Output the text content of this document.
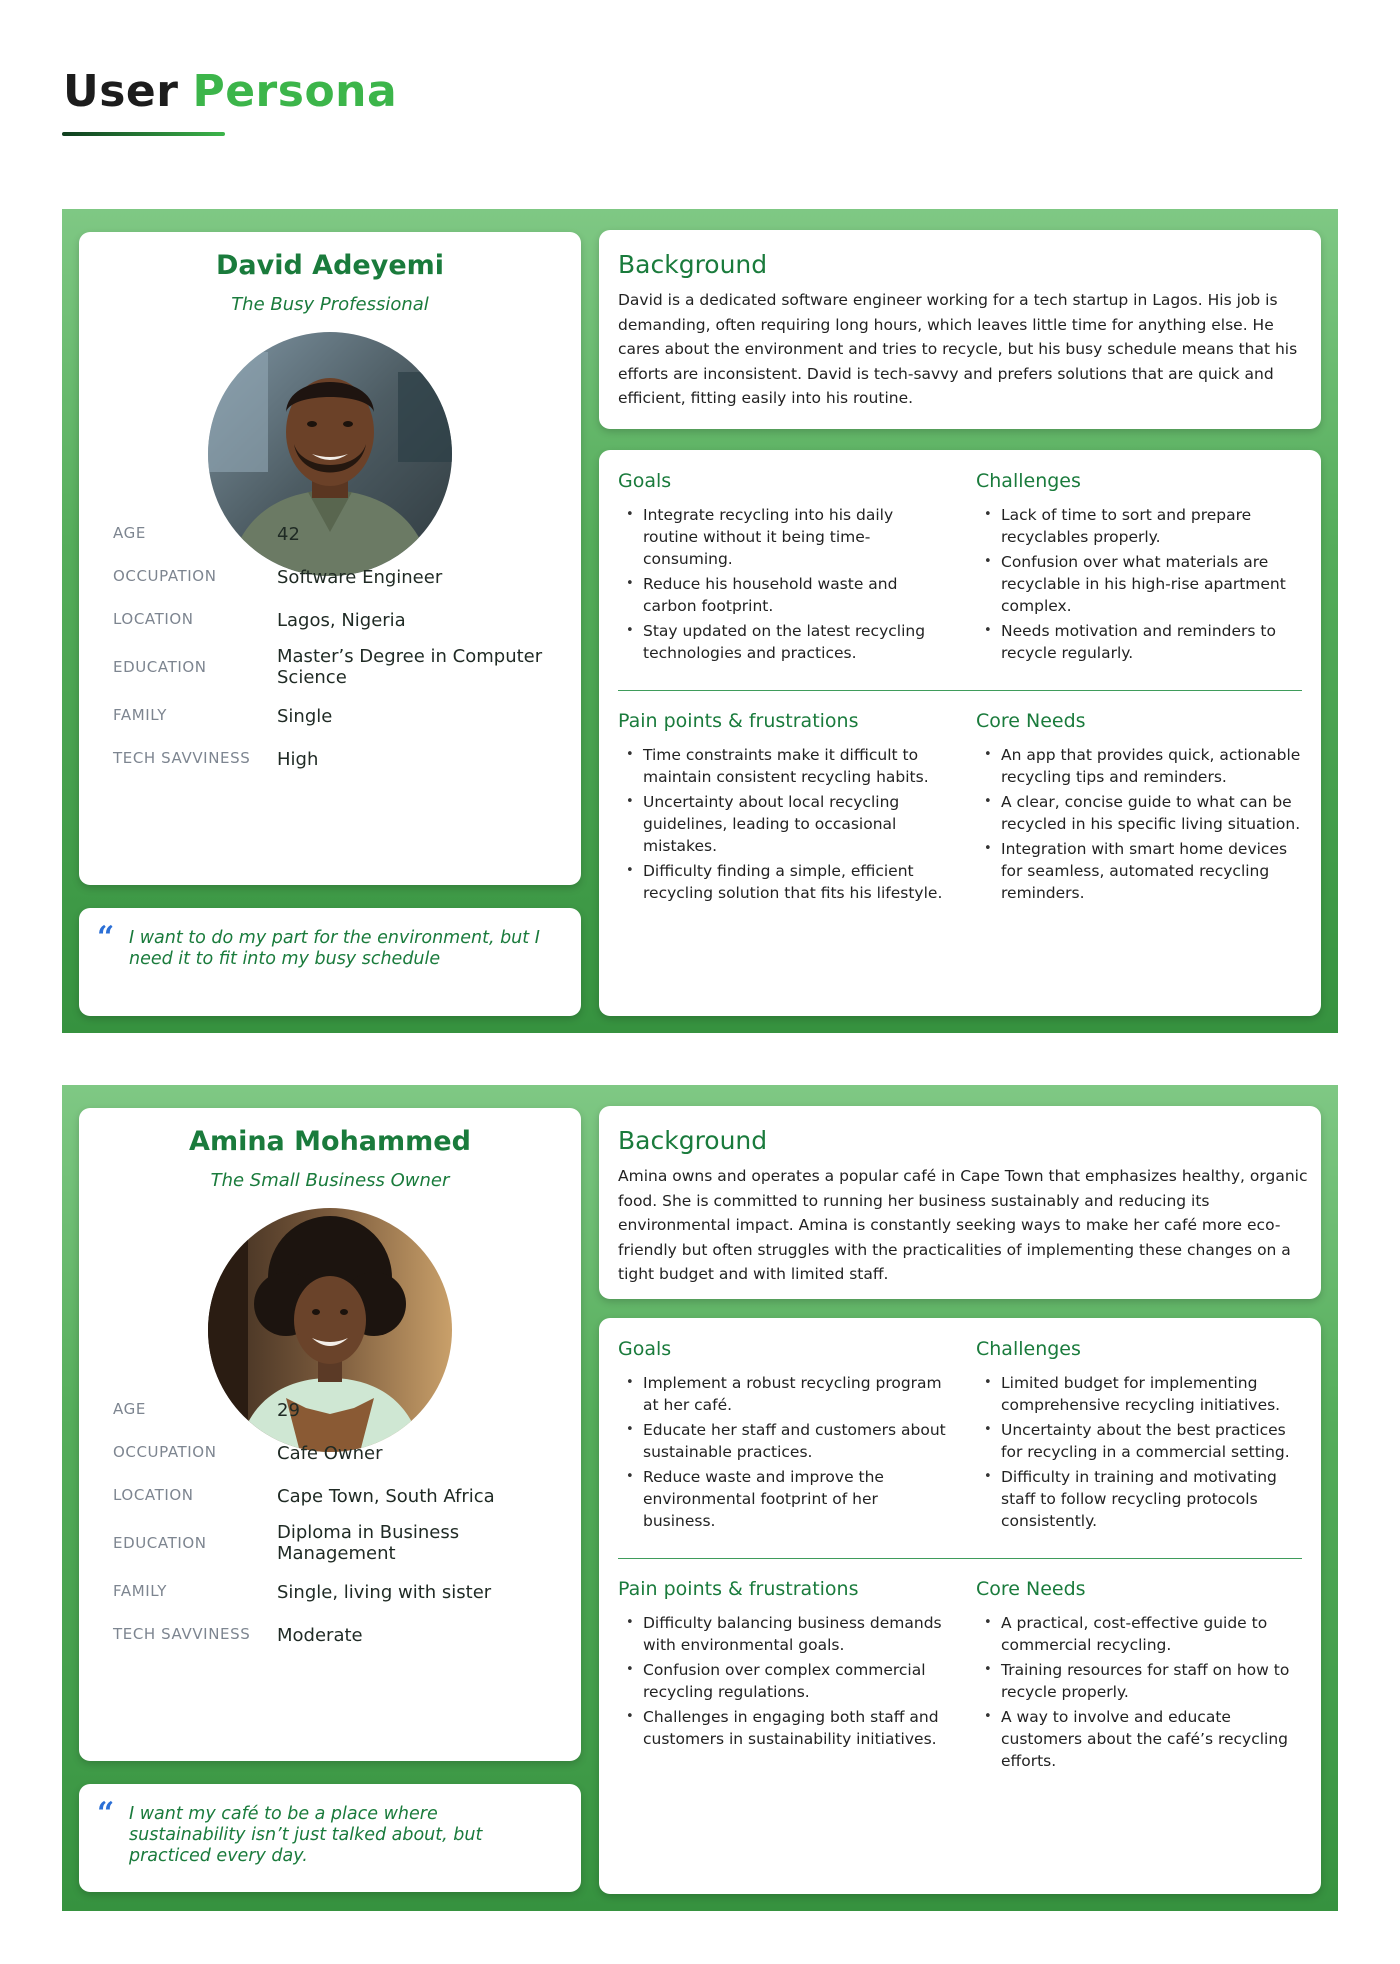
User Persona
David Adeyemi
The Busy Professional
AGE	42
OCCUPATION	Software Engineer
LOCATION	Lagos, Nigeria
EDUCATION	Master’s Degree in Computer Science
FAMILY	Single
TECH SAVVINESS	High
“ I want to do my part for the environment, but I need it to fit into my busy schedule
Background
David is a dedicated software engineer working for a tech startup in Lagos. His job is demanding, often requiring long hours, which leaves little time for anything else. He cares about the environment and tries to recycle, but his busy schedule means that his efforts are inconsistent. David is tech-savvy and prefers solutions that are quick and efficient, fitting easily into his routine.
Goals
• Integrate recycling into his daily routine without it being time-consuming.
• Reduce his household waste and carbon footprint.
• Stay updated on the latest recycling technologies and practices.
Challenges
• Lack of time to sort and prepare recyclables properly.
• Confusion over what materials are recyclable in his high-rise apartment complex.
• Needs motivation and reminders to recycle regularly.
Pain points & frustrations
• Time constraints make it difficult to maintain consistent recycling habits.
• Uncertainty about local recycling guidelines, leading to occasional mistakes.
• Difficulty finding a simple, efficient recycling solution that fits his lifestyle.
Core Needs
• An app that provides quick, actionable recycling tips and reminders.
• A clear, concise guide to what can be recycled in his specific living situation.
• Integration with smart home devices for seamless, automated recycling reminders.
Amina Mohammed
The Small Business Owner
AGE	29
OCCUPATION	Cafe Owner
LOCATION	Cape Town, South Africa
EDUCATION	Diploma in Business Management
FAMILY	Single, living with sister
TECH SAVVINESS	Moderate
“ I want my café to be a place where sustainability isn’t just talked about, but practiced every day.
Background
Amina owns and operates a popular café in Cape Town that emphasizes healthy, organic food. She is committed to running her business sustainably and reducing its environmental impact. Amina is constantly seeking ways to make her café more eco-friendly but often struggles with the practicalities of implementing these changes on a tight budget and with limited staff.
Goals
• Implement a robust recycling program at her café.
• Educate her staff and customers about sustainable practices.
• Reduce waste and improve the environmental footprint of her business.
Challenges
• Limited budget for implementing comprehensive recycling initiatives.
• Uncertainty about the best practices for recycling in a commercial setting.
• Difficulty in training and motivating staff to follow recycling protocols consistently.
Pain points & frustrations
• Difficulty balancing business demands with environmental goals.
• Confusion over complex commercial recycling regulations.
• Challenges in engaging both staff and customers in sustainability initiatives.
Core Needs
• A practical, cost-effective guide to commercial recycling.
• Training resources for staff on how to recycle properly.
• A way to involve and educate customers about the café’s recycling efforts.
